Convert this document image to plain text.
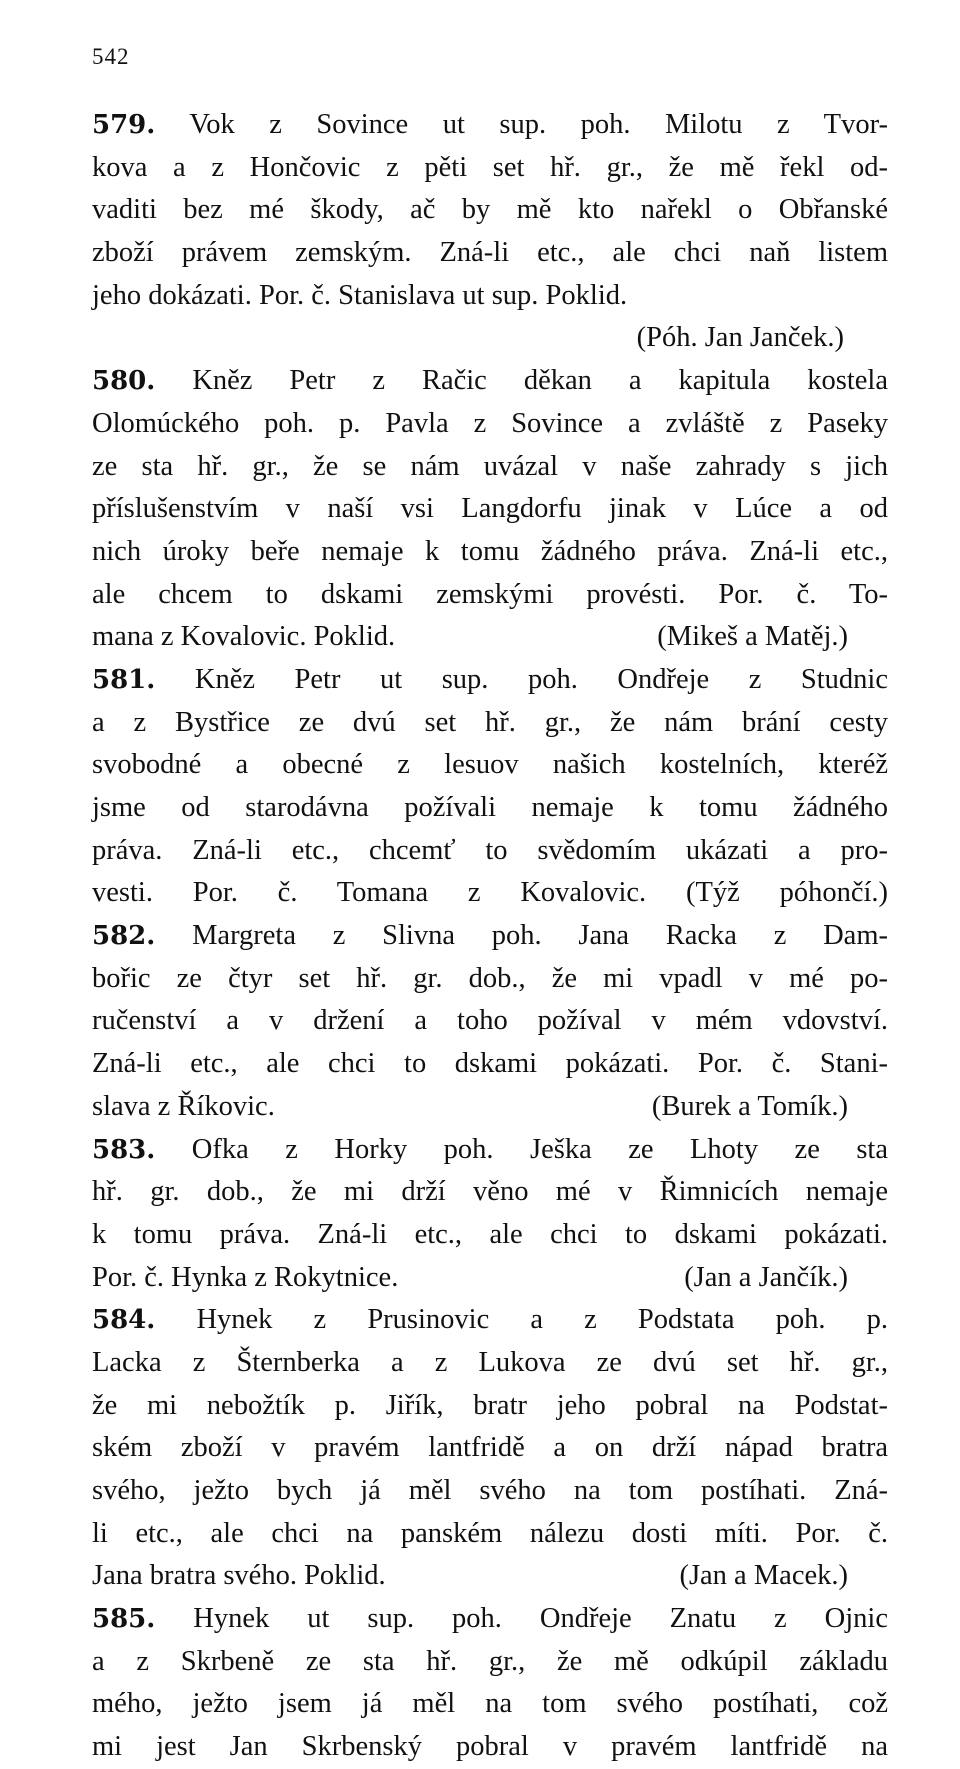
542
579. Vok z Sovince ut sup. poh. Milotu z Tvor-
kova a z Hončovic z pěti set hř. gr., že mě řekl od-
vaditi bez mé škody, ač by mě kto nařekl o Obřanské
zboží právem zemským. Zná-li etc., ale chci naň listem
jeho dokázati. Por. č. Stanislava ut sup. Poklid.
(Póh. Jan Janček.)
580. Kněz Petr z Račic děkan a kapitula kostela
Olomúckého poh. p. Pavla z Sovince a zvláště z Paseky
ze sta hř. gr., že se nám uvázal v naše zahrady s jich
příslušenstvím v naší vsi Langdorfu jinak v Lúce a od
nich úroky beře nemaje k tomu žádného práva. Zná-li etc.,
ale chcem to dskami zemskými provésti. Por. č. To-
mana z Kovalovic. Poklid.	(Mikeš a Matěj.)
581. Kněz Petr ut sup. poh. Ondřeje z Studnic
a z Bystřice ze dvú set hř. gr., že nám brání cesty
svobodné a obecné z lesuov našich kostelních, kteréž
jsme od starodávna požívali nemaje k tomu žádného
práva. Zná-li etc., chcemť to svědomím ukázati a pro-
vesti. Por. č. Tomana z Kovalovic. (Týž póhončí.)
582. Margreta z Slivna poh. Jana Racka z Dam-
bořic ze čtyr set hř. gr. dob., že mi vpadl v mé po-
ručenství a v držení a toho požíval v mém vdovství.
Zná-li etc., ale chci to dskami pokázati. Por. č. Stani-
slava z Říkovic.	(Burek a Tomík.)
583. Ofka z Horky poh. Ješka ze Lhoty ze sta
hř. gr. dob., že mi drží věno mé v Řimnicích nemaje
k tomu práva. Zná-li etc., ale chci to dskami pokázati.
Por. č. Hynka z Rokytnice.	(Jan a Jančík.)
584. Hynek z Prusinovic a z Podstata poh. p.
Lacka z Šternberka a z Lukova ze dvú set hř. gr.,
že mi nebožtík p. Jiřík, bratr jeho pobral na Podstat-
ském zboží v pravém lantfridě a on drží nápad bratra
svého, ježto bych já měl svého na tom postíhati. Zná-
li etc., ale chci na panském nálezu dosti míti. Por. č.
Jana bratra svého. Poklid.	(Jan a Macek.)
585. Hynek ut sup. poh. Ondřeje Znatu z Ojnic
a z Skrbeně ze sta hř. gr., že mě odkúpil základu
mého, ježto jsem já měl na tom svého postíhati, což
mi jest Jan Skrbenský pobral v pravém lantfridě na
